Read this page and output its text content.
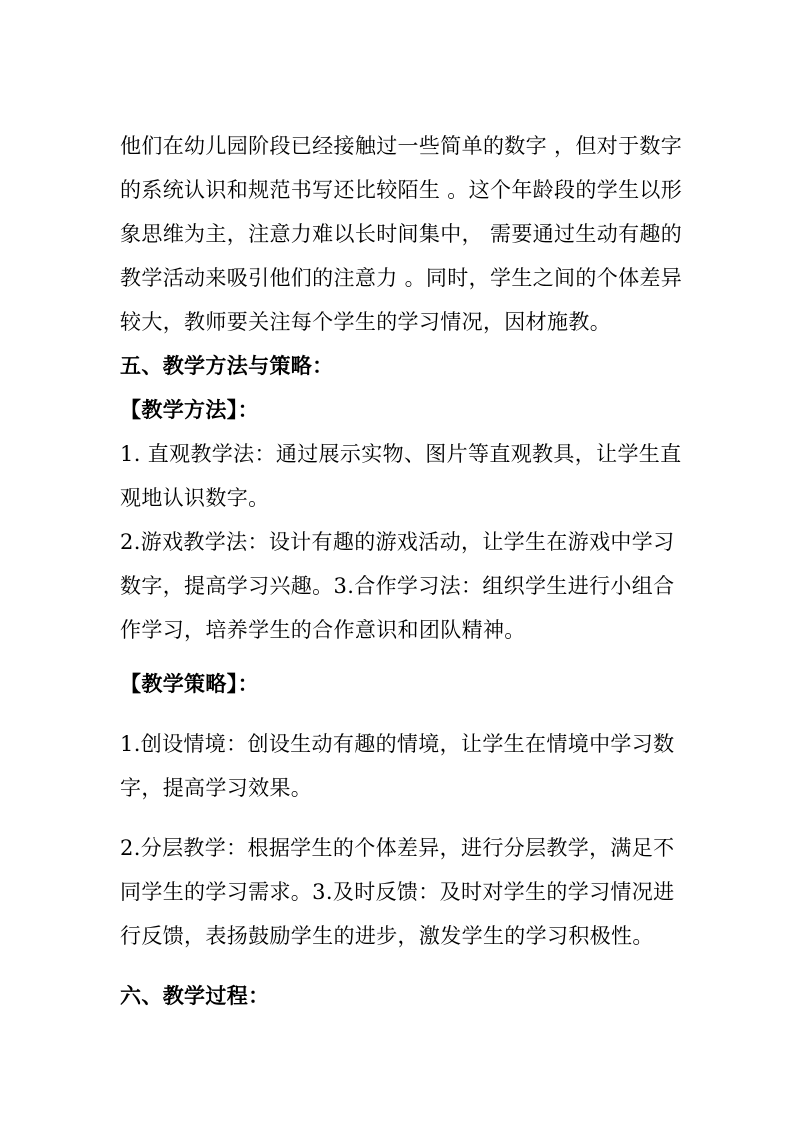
他们在幼儿园阶段已经接触过一些简单的数字 ，但对于数字
的系统认识和规范书写还比较陌生 。这个年龄段的学生以形
象思维为主，注意力难以长时间集中， 需要通过生动有趣的
教学活动来吸引他们的注意力 。同时，学生之间的个体差异
较大，教师要关注每个学生的学习情况，因材施教。
五、教学方法与策略：
【教学方法】：
1. 直观教学法：通过展示实物、图片等直观教具，让学生直
观地认识数字。
2.游戏教学法：设计有趣的游戏活动，让学生在游戏中学习
数字，提高学习兴趣。3.合作学习法：组织学生进行小组合
作学习，培养学生的合作意识和团队精神。
【教学策略】：
1.创设情境：创设生动有趣的情境，让学生在情境中学习数
字，提高学习效果。
2.分层教学：根据学生的个体差异，进行分层教学，满足不
同学生的学习需求。3.及时反馈：及时对学生的学习情况进
行反馈，表扬鼓励学生的进步，激发学生的学习积极性。
六、教学过程：
